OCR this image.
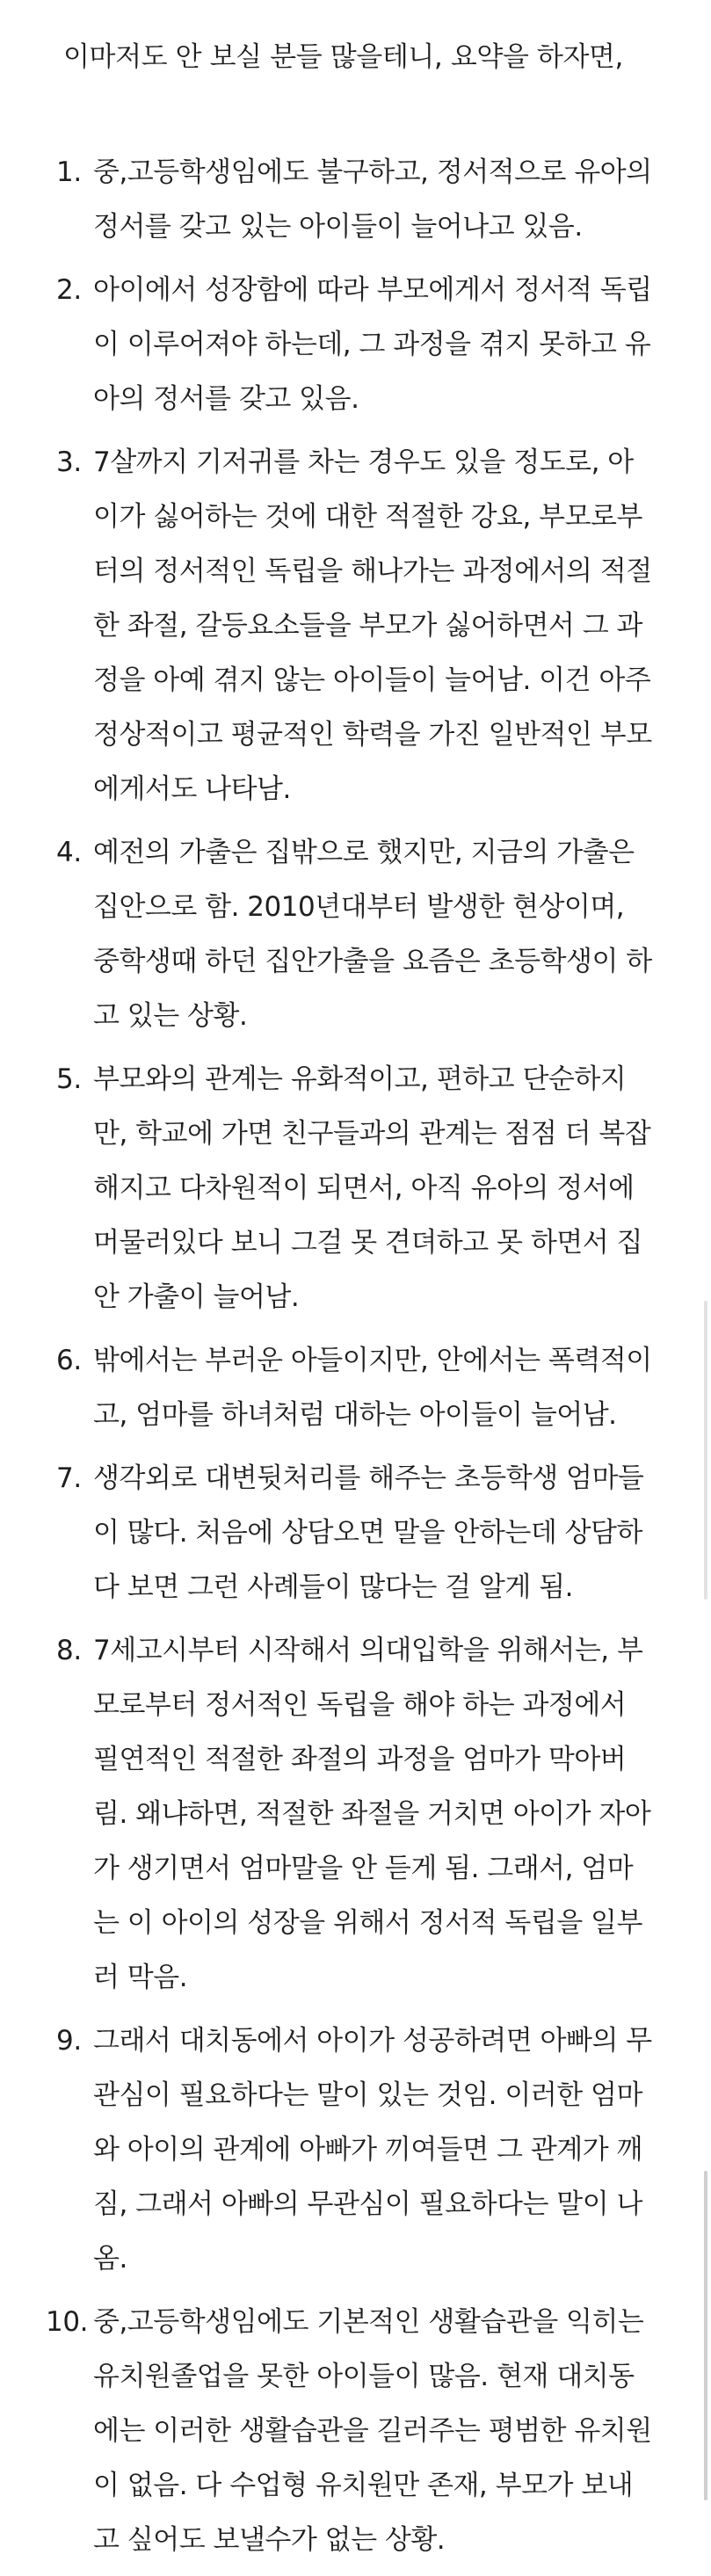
이마저도 안 보실 분들 많을테니, 요약을 하자면,
1. 중,고등학생임에도 불구하고, 정서적으로 유아의 정서를 갖고 있는 아이들이 늘어나고 있음.
2. 아이에서 성장함에 따라 부모에게서 정서적 독립이 이루어져야 하는데, 그 과정을 겪지 못하고 유아의 정서를 갖고 있음.
3. 7살까지 기저귀를 차는 경우도 있을 정도로, 아이가 싫어하는 것에 대한 적절한 강요, 부모로부터의 정서적인 독립을 해나가는 과정에서의 적절한 좌절, 갈등요소들을 부모가 싫어하면서 그 과정을 아예 겪지 않는 아이들이 늘어남. 이건 아주 정상적이고 평균적인 학력을 가진 일반적인 부모에게서도 나타남.
4. 예전의 가출은 집밖으로 했지만, 지금의 가출은 집안으로 함. 2010년대부터 발생한 현상이며, 중학생때 하던 집안가출을 요즘은 초등학생이 하고 있는 상황.
5. 부모와의 관계는 유화적이고, 편하고 단순하지만, 학교에 가면 친구들과의 관계는 점점 더 복잡해지고 다차원적이 되면서, 아직 유아의 정서에 머물러있다 보니 그걸 못 견뎌하고 못 하면서 집안 가출이 늘어남.
6. 밖에서는 부러운 아들이지만, 안에서는 폭력적이고, 엄마를 하녀처럼 대하는 아이들이 늘어남.
7. 생각외로 대변뒷처리를 해주는 초등학생 엄마들이 많다. 처음에 상담오면 말을 안하는데 상담하다 보면 그런 사례들이 많다는 걸 알게 됨.
8. 7세고시부터 시작해서 의대입학을 위해서는, 부모로부터 정서적인 독립을 해야 하는 과정에서 필연적인 적절한 좌절의 과정을 엄마가 막아버림. 왜냐하면, 적절한 좌절을 거치면 아이가 자아가 생기면서 엄마말을 안 듣게 됨. 그래서, 엄마는 이 아이의 성장을 위해서 정서적 독립을 일부러 막음.
9. 그래서 대치동에서 아이가 성공하려면 아빠의 무관심이 필요하다는 말이 있는 것임. 이러한 엄마와 아이의 관계에 아빠가 끼여들면 그 관계가 깨짐, 그래서 아빠의 무관심이 필요하다는 말이 나옴.
10. 중,고등학생임에도 기본적인 생활습관을 익히는 유치원졸업을 못한 아이들이 많음. 현재 대치동에는 이러한 생활습관을 길러주는 평범한 유치원이 없음. 다 수업형 유치원만 존재, 부모가 보내고 싶어도 보낼수가 없는 상황.
